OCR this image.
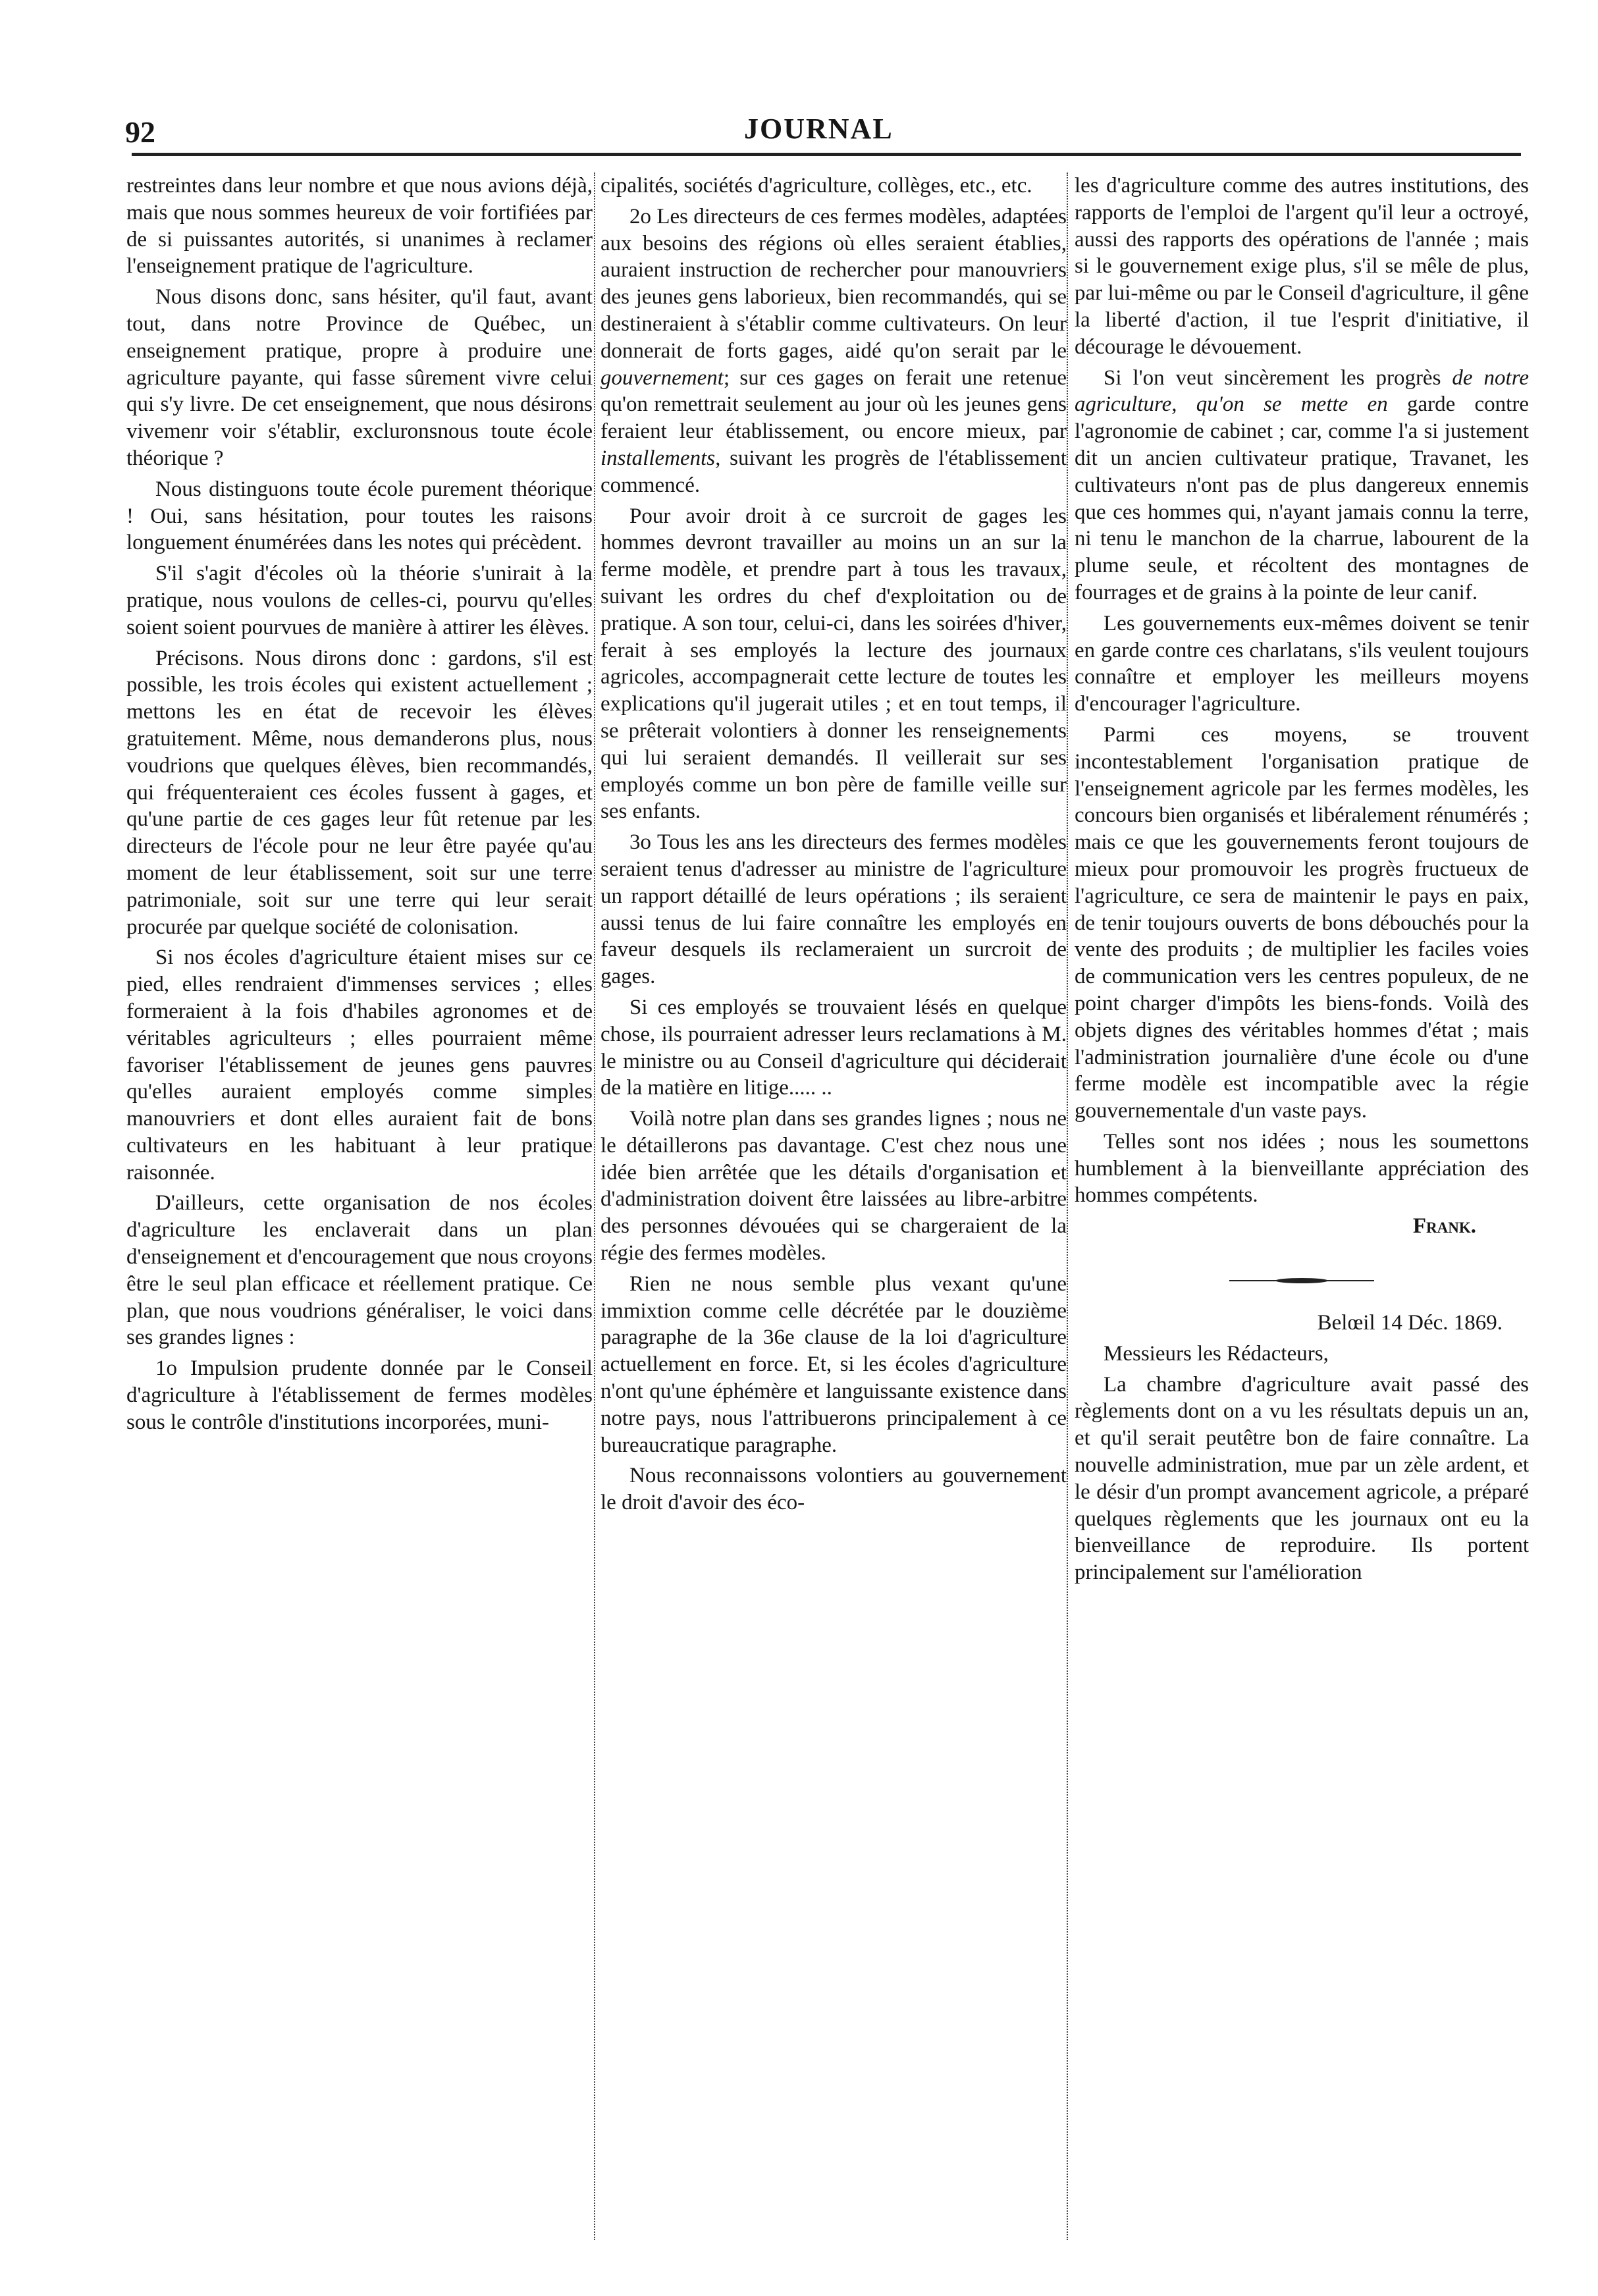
92	JOURNAL

restreintes dans leur nombre et que nous avions déjà, mais que nous sommes heureux de voir fortifiées par de si puissantes autorités, si unanimes à reclamer l'enseignement pratique de l'agriculture.

Nous disons donc, sans hésiter, qu'il faut, avant tout, dans notre Province de Québec, un enseignement pratique, propre à produire une agriculture payante, qui fasse sûrement vivre celui qui s'y livre. De cet enseignement, que nous désirons vivemenr voir s'établir, excluronsnous toute école théorique ?

Nous distinguons toute école purement théorique ! Oui, sans hésitation, pour toutes les raisons longuement énumérées dans les notes qui précèdent.

S'il s'agit d'écoles où la théorie s'unirait à la pratique, nous voulons de celles-ci, pourvu qu'elles soient soient pourvues de manière à attirer les élèves.

Précisons. Nous dirons donc : gardons, s'il est possible, les trois écoles qui existent actuellement ; mettons les en état de recevoir les élèves gratuitement. Même, nous demanderons plus, nous voudrions que quelques élèves, bien recommandés, qui fréquenteraient ces écoles fussent à gages, et qu'une partie de ces gages leur fût retenue par les directeurs de l'école pour ne leur être payée qu'au moment de leur établissement, soit sur une terre patrimoniale, soit sur une terre qui leur serait procurée par quelque société de colonisation.

Si nos écoles d'agriculture étaient mises sur ce pied, elles rendraient d'immenses services ; elles formeraient à la fois d'habiles agronomes et de véritables agriculteurs ; elles pourraient même favoriser l'établissement de jeunes gens pauvres qu'elles auraient employés comme simples manouvriers et dont elles auraient fait de bons cultivateurs en les habituant à leur pratique raisonnée.

D'ailleurs, cette organisation de nos écoles d'agriculture les enclaverait dans un plan d'enseignement et d'encouragement que nous croyons être le seul plan efficace et réellement pratique. Ce plan, que nous voudrions généraliser, le voici dans ses grandes lignes :

1o Impulsion prudente donnée par le Conseil d'agriculture à l'établissement de fermes modèles sous le contrôle d'institutions incorporées, muni-

cipalités, sociétés d'agriculture, collèges, etc., etc.

2o Les directeurs de ces fermes modèles, adaptées aux besoins des régions où elles seraient établies, auraient instruction de rechercher pour manouvriers des jeunes gens laborieux, bien recommandés, qui se destineraient à s'établir comme cultivateurs. On leur donnerait de forts gages, aidé qu'on serait par le gouvernement; sur ces gages on ferait une retenue qu'on remettrait seulement au jour où les jeunes gens feraient leur établissement, ou encore mieux, par installements, suivant les progrès de l'établissement commencé.

Pour avoir droit à ce surcroit de gages les hommes devront travailler au moins un an sur la ferme modèle, et prendre part à tous les travaux, suivant les ordres du chef d'exploitation ou de pratique. A son tour, celui-ci, dans les soirées d'hiver, ferait à ses employés la lecture des journaux agricoles, accompagnerait cette lecture de toutes les explications qu'il jugerait utiles ; et en tout temps, il se prêterait volontiers à donner les renseignements qui lui seraient demandés. Il veillerait sur ses employés comme un bon père de famille veille sur ses enfants.

3o Tous les ans les directeurs des fermes modèles seraient tenus d'adresser au ministre de l'agriculture un rapport détaillé de leurs opérations ; ils seraient aussi tenus de lui faire connaître les employés en faveur desquels ils reclameraient un surcroit de gages.

Si ces employés se trouvaient lésés en quelque chose, ils pourraient adresser leurs reclamations à M. le ministre ou au Conseil d'agriculture qui déciderait de la matière en litige..... ..

Voilà notre plan dans ses grandes lignes ; nous ne le détaillerons pas davantage. C'est chez nous une idée bien arrêtée que les détails d'organisation et d'administration doivent être laissées au libre-arbitre des personnes dévouées qui se chargeraient de la régie des fermes modèles.

Rien ne nous semble plus vexant qu'une immixtion comme celle décrétée par le douzième paragraphe de la 36e clause de la loi d'agriculture actuellement en force. Et, si les écoles d'agriculture n'ont qu'une éphémère et languissante existence dans notre pays, nous l'attribuerons principalement à ce bureaucratique paragraphe.

Nous reconnaissons volontiers au gouvernement le droit d'avoir des éco-

les d'agriculture comme des autres institutions, des rapports de l'emploi de l'argent qu'il leur a octroyé, aussi des rapports des opérations de l'année ; mais si le gouvernement exige plus, s'il se mêle de plus, par lui-même ou par le Conseil d'agriculture, il gêne la liberté d'action, il tue l'esprit d'initiative, il décourage le dévouement.

Si l'on veut sincèrement les progrès de notre agriculture, qu'on se mette en garde contre l'agronomie de cabinet ; car, comme l'a si justement dit un ancien cultivateur pratique, Travanet, les cultivateurs n'ont pas de plus dangereux ennemis que ces hommes qui, n'ayant jamais connu la terre, ni tenu le manchon de la charrue, labourent de la plume seule, et récoltent des montagnes de fourrages et de grains à la pointe de leur canif.

Les gouvernements eux-mêmes doivent se tenir en garde contre ces charlatans, s'ils veulent toujours connaître et employer les meilleurs moyens d'encourager l'agriculture.

Parmi ces moyens, se trouvent incontestablement l'organisation pratique de l'enseignement agricole par les fermes modèles, les concours bien organisés et libéralement rénumérés ; mais ce que les gouvernements feront toujours de mieux pour promouvoir les progrès fructueux de l'agriculture, ce sera de maintenir le pays en paix, de tenir toujours ouverts de bons débouchés pour la vente des produits ; de multiplier les faciles voies de communication vers les centres populeux, de ne point charger d'impôts les biens-fonds. Voilà des objets dignes des véritables hommes d'état ; mais l'administration journalière d'une école ou d'une ferme modèle est incompatible avec la régie gouvernementale d'un vaste pays.

Telles sont nos idées ; nous les soumettons humblement à la bienveillante appréciation des hommes compétents.

Frank.

Belœil 14 Déc. 1869.

Messieurs les Rédacteurs,

La chambre d'agriculture avait passé des règlements dont on a vu les résultats depuis un an, et qu'il serait peutêtre bon de faire connaître. La nouvelle administration, mue par un zèle ardent, et le désir d'un prompt avancement agricole, a préparé quelques règlements que les journaux ont eu la bienveillance de reproduire. Ils portent principalement sur l'amélioration
